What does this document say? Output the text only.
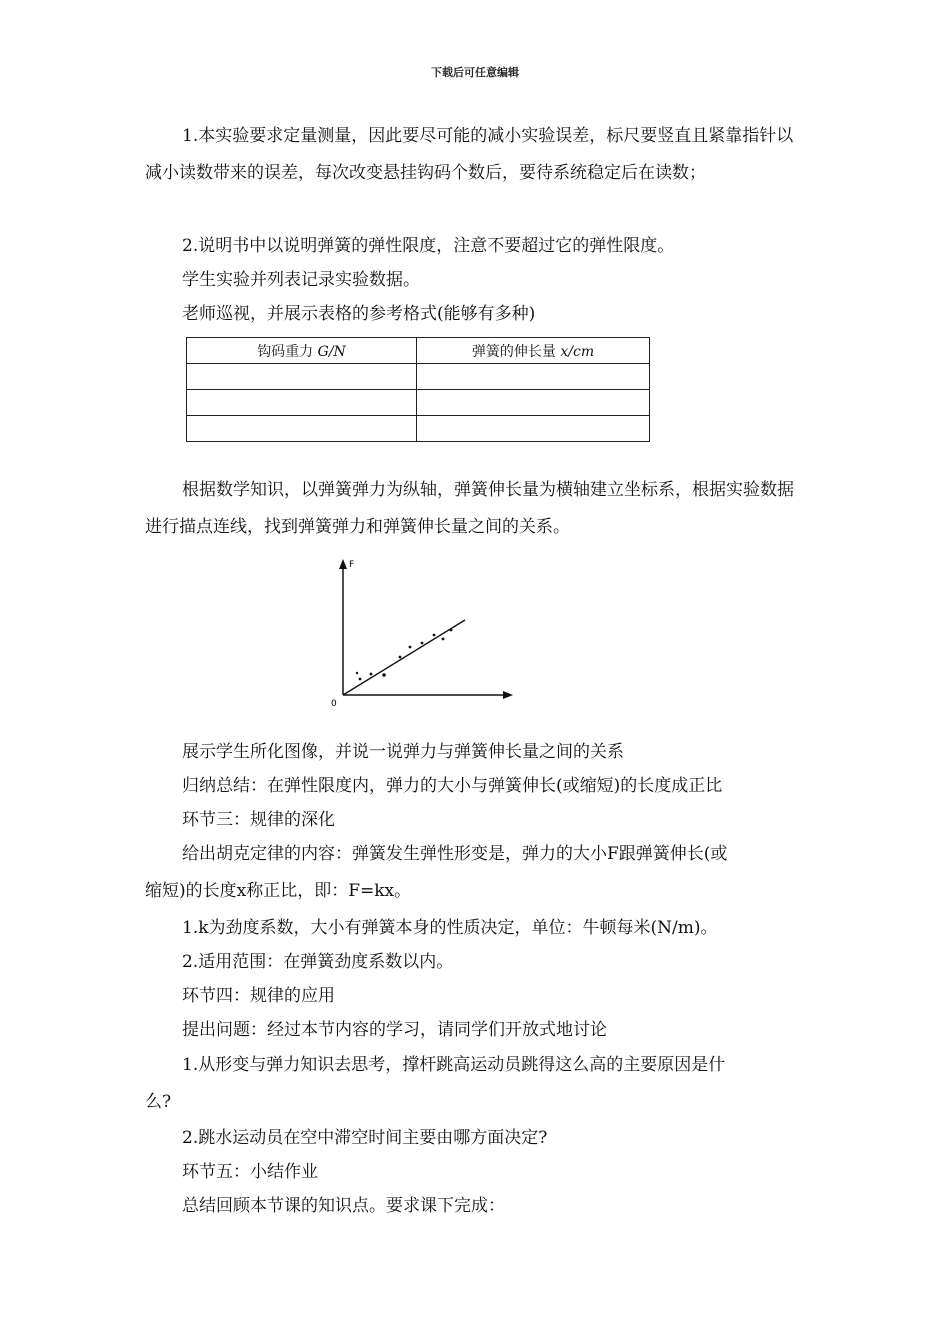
下载后可任意编辑

1.本实验要求定量测量，因此要尽可能的减小实验误差，标尺要竖直且紧靠指针以减小读数带来的误差，每次改变悬挂钩码个数后，要待系统稳定后在读数；

2.说明书中以说明弹簧的弹性限度，注意不要超过它的弹性限度。
学生实验并列表记录实验数据。
老师巡视，并展示表格的参考格式(能够有多种)
钩码重力 G/N	弹簧的伸长量 x/cm

根据数学知识，以弹簧弹力为纵轴，弹簧伸长量为横轴建立坐标系，根据实验数据进行描点连线，找到弹簧弹力和弹簧伸长量之间的关系。

F
0
展示学生所化图像，并说一说弹力与弹簧伸长量之间的关系
归纳总结：在弹性限度内，弹力的大小与弹簧伸长(或缩短)的长度成正比
环节三：规律的深化
给出胡克定律的内容：弹簧发生弹性形变是，弹力的大小F跟弹簧伸长(或
缩短)的长度x称正比，即：F=kx。
1.k为劲度系数，大小有弹簧本身的性质决定，单位：牛顿每米(N/m)。
2.适用范围：在弹簧劲度系数以内。
环节四：规律的应用
提出问题：经过本节内容的学习，请同学们开放式地讨论
1.从形变与弹力知识去思考，撑杆跳高运动员跳得这么高的主要原因是什
么?
2.跳水运动员在空中滞空时间主要由哪方面决定?
环节五：小结作业
总结回顾本节课的知识点。要求课下完成：
